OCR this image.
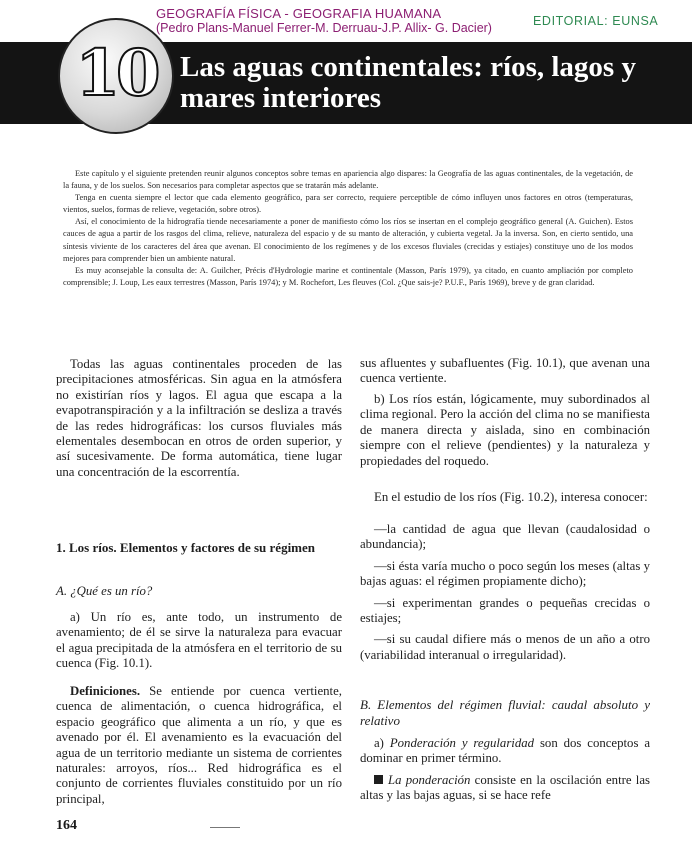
GEOGRAFÍA FÍSICA - GEOGRAFIA HUAMANA
(Pedro Plans-Manuel Ferrer-M. Derruau-J.P. Allix- G. Dacier)	EDITORIAL: EUNSA
10 Las aguas continentales: ríos, lagos y mares interiores

Este capítulo y el siguiente pretenden reunir algunos conceptos sobre temas en apariencia algo dispares: la Geografía de las aguas continentales, de la vegetación, de la fauna, y de los suelos. Son necesarios para completar aspectos que se tratarán más adelante.

Tenga en cuenta siempre el lector que cada elemento geográfico, para ser correcto, requiere perceptible de cómo influyen unos factores en otros (temperaturas, vientos, suelos, formas de relieve, vegetación, sobre otros).

Así, el conocimiento de la hidrografía tiende necesariamente a poner de manifiesto cómo los ríos se insertan en el complejo geográfico general (A. Guichen). Estos cauces de agua a partir de los rasgos del clima, relieve, naturaleza del espacio y de su manto de alteración, y cubierta vegetal. Ja la inversa. Son, en cierto sentido, una síntesis viviente de los caracteres del área que avenan. El conocimiento de los regímenes y de los excesos fluviales (crecidas y estiajes) constituye uno de los modos mejores para comprender bien un ambiente natural.

Es muy aconsejable la consulta de: A. Guilcher, Précis d'Hydrologie marine et continentale (Masson, París 1979), ya citado, en cuanto ampliación por completo comprensible; J. Loup, Les eaux terrestres (Masson, París 1974); y M. Rochefort, Les fleuves (Col. ¿Que sais-je? P.U.F., París 1969), breve y de gran claridad.

Todas las aguas continentales proceden de las precipitaciones atmosféricas. Sin agua en la atmósfera no existirían ríos y lagos. El agua que escapa a la evapotranspiración y a la infiltración se desliza a través de las redes hidrográficas: los cursos fluviales más elementales desembocan en otros de orden superior, y así sucesivamente. De forma automática, tiene lugar una concentración de la escorrentía.

1. Los ríos. Elementos y factores de su régimen
A. ¿Qué es un río?

a) Un río es, ante todo, un instrumento de avenamiento; de él se sirve la naturaleza para evacuar el agua precipitada de la atmósfera en el territorio de su cuenca (Fig. 10.1).

Definiciones. Se entiende por cuenca vertiente, cuenca de alimentación, o cuenca hidrográfica, el espacio geográfico que alimenta a un río, y que es avenado por él. El avenamiento es la evacuación del agua de un territorio mediante un sistema de corrientes naturales: arroyos, ríos... Red hidrográfica es el conjunto de corrientes fluviales constituido por un río principal,

sus afluentes y subafluentes (Fig. 10.1), que avenan una cuenca vertiente.

b) Los ríos están, lógicamente, muy subordinados al clima regional. Pero la acción del clima no se manifiesta de manera directa y aislada, sino en combinación siempre con el relieve (pendientes) y la naturaleza y propiedades del roquedo.

En el estudio de los ríos (Fig. 10.2), interesa conocer:

—la cantidad de agua que llevan (caudalosidad o abundancia);

—si ésta varía mucho o poco según los meses (altas y bajas aguas: el régimen propiamente dicho);

—si experimentan grandes o pequeñas crecidas o estiajes;

—si su caudal difiere más o menos de un año a otro (variabilidad interanual o irregularidad).

B. Elementos del régimen fluvial: caudal absoluto y relativo

a) Ponderación y regularidad son dos conceptos a dominar en primer término.

La ponderación consiste en la oscilación entre las altas y las bajas aguas, si se hace refe

164
